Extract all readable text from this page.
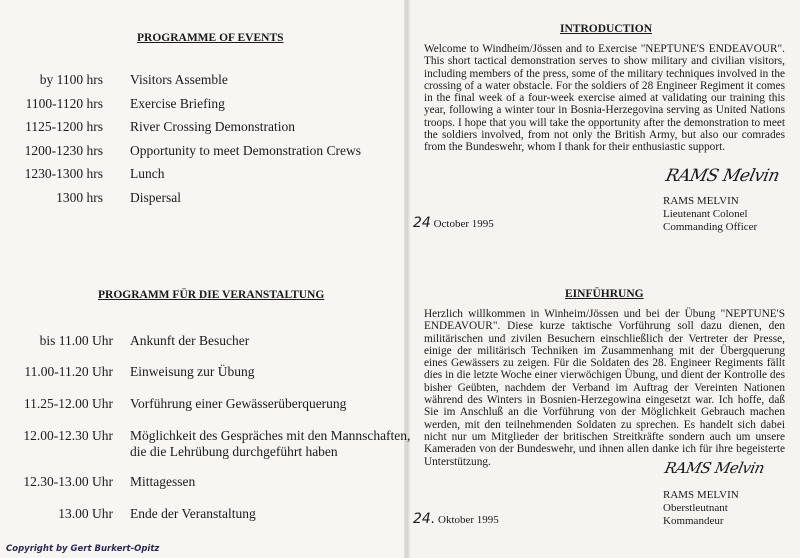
PROGRAMME OF EVENTS
by 1100 hrs Visitors Assemble
1100-1120 hrs Exercise Briefing
1125-1200 hrs River Crossing Demonstration
1200-1230 hrs Opportunity to meet Demonstration Crews
1230-1300 hrs Lunch
1300 hrs Dispersal
PROGRAMM FÜR DIE VERANSTALTUNG
bis 11.00 Uhr Ankunft der Besucher
11.00-11.20 Uhr Einweisung zur Übung
11.25-12.00 Uhr Vorführung einer Gewässerüberquerung
12.00-12.30 Uhr Möglichkeit des Gespräches mit den Mannschaften,
die die Lehrübung durchgeführt haben
12.30-13.00 Uhr Mittagessen
13.00 Uhr Ende der Veranstaltung
Copyright by Gert Burkert-Opitz
INTRODUCTION
Welcome to Windheim/Jössen and to Exercise "NEPTUNE'S ENDEAVOUR". This short tactical demonstration serves to show military and civilian visitors, including members of the press, some of the military techniques involved in the crossing of a water obstacle. For the soldiers of 28 Engineer Regiment it comes in the final week of a four-week exercise aimed at validating our training this year, following a winter tour in Bosnia-Herzegovina serving as United Nations troops. I hope that you will take the opportunity after the demonstration to meet the soldiers involved, from not only the British Army, but also our comrades from the Bundeswehr, whom I thank for their enthusiastic support.
RAMS Melvin
24 October 1995
RAMS MELVIN
Lieutenant Colonel
Commanding Officer
EINFÜHRUNG
Herzlich willkommen in Winheim/Jössen und bei der Übung "NEPTUNE'S ENDEAVOUR". Diese kurze taktische Vorführung soll dazu dienen, den militärischen und zivilen Besuchern einschließlich der Vertreter der Presse, einige der militärisch Techniken im Zusammenhang mit der Übergquerung eines Gewässers zu zeigen. Für die Soldaten des 28. Engineer Regiments fällt dies in die letzte Woche einer vierwöchigen Übung, und dient der Kontrolle des bisher Geübten, nachdem der Verband im Auftrag der Vereinten Nationen während des Winters in Bosnien-Herzegowina eingesetzt war. Ich hoffe, daß Sie im Anschluß an die Vorführung von der Möglichkeit Gebrauch machen werden, mit den teilnehmenden Soldaten zu sprechen. Es handelt sich dabei nicht nur um Mitglieder der britischen Streitkräfte sondern auch um unsere Kameraden von der Bundeswehr, und ihnen allen danke ich für ihre begeisterte Unterstützung.	RAMS Melvin
24. Oktober 1995
RAMS MELVIN
Oberstleutnant
Kommandeur
